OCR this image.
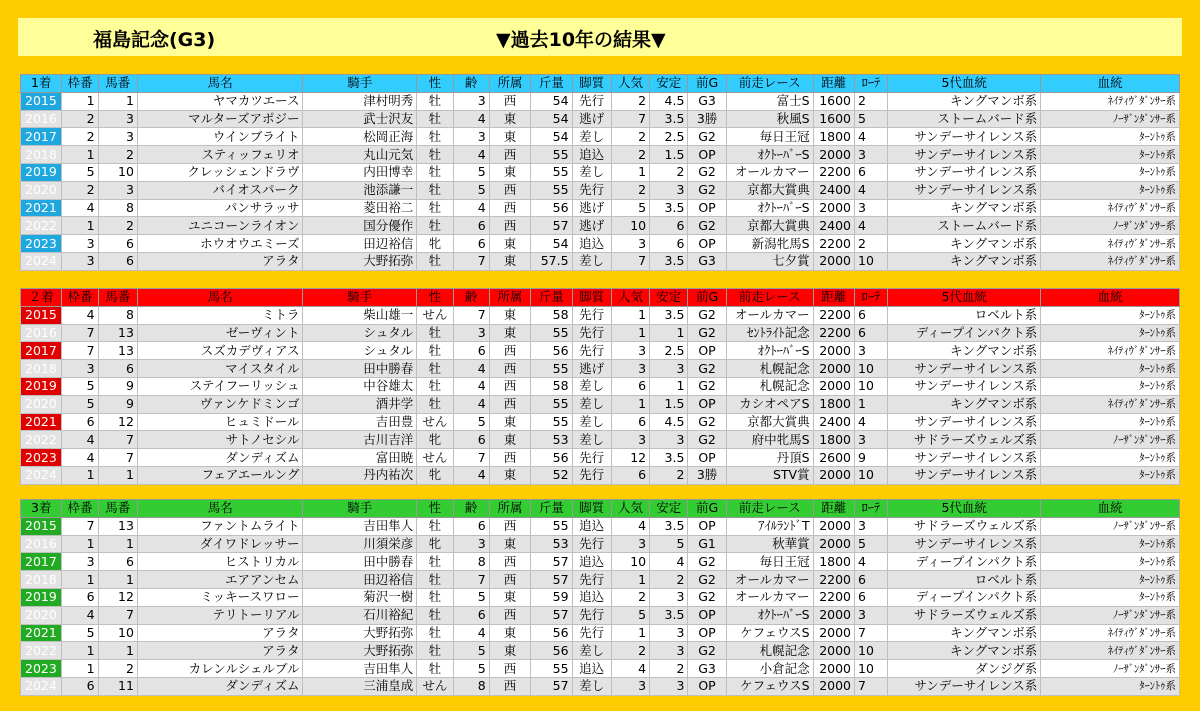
福島記念(G3)	▼過去10年の結果▼
1着	枠番	馬番	馬名	騎手	性	齢	所属	斤量	脚質	人気	安定	前G	前走レース	距離	ﾛｰﾃ	5代血統	血統
2015	1	1	ヤマカツエース	津村明秀	牡	3	西	54	先行	2	4.5	G3	富士S	1600	2	キングマンボ系	ﾈｲﾃｨｳﾞﾀﾞﾝｻｰ系
2016	2	3	マルターズアポジー	武士沢友	牡	4	東	54	逃げ	7	3.5	3勝	秋風S	1600	5	ストームバード系	ﾉｰｻﾞﾝﾀﾞﾝｻｰ系
2017	2	3	ウインブライト	松岡正海	牡	3	東	54	差し	2	2.5	G2	毎日王冠	1800	4	サンデーサイレンス系	ﾀｰﾝﾄｩ系
2018	1	2	スティッフェリオ	丸山元気	牡	4	西	55	追込	2	1.5	OP	ｵｸﾄｰﾊﾞｰS	2000	3	サンデーサイレンス系	ﾀｰﾝﾄｩ系
2019	5	10	クレッシェンドラヴ	内田博幸	牡	5	東	55	差し	1	2	G2	オールカマー	2200	6	サンデーサイレンス系	ﾀｰﾝﾄｩ系
2020	2	3	バイオスパーク	池添謙一	牡	5	西	55	先行	2	3	G2	京都大賞典	2400	4	サンデーサイレンス系	ﾀｰﾝﾄｩ系
2021	4	8	パンサラッサ	菱田裕二	牡	4	西	56	逃げ	5	3.5	OP	ｵｸﾄｰﾊﾞｰS	2000	3	キングマンボ系	ﾈｲﾃｨｳﾞﾀﾞﾝｻｰ系
2022	1	2	ユニコーンライオン	国分優作	牡	6	西	57	逃げ	10	6	G2	京都大賞典	2400	4	ストームバード系	ﾉｰｻﾞﾝﾀﾞﾝｻｰ系
2023	3	6	ホウオウエミーズ	田辺裕信	牝	6	東	54	追込	3	6	OP	新潟牝馬S	2200	2	キングマンボ系	ﾈｲﾃｨｳﾞﾀﾞﾝｻｰ系
2024	3	6	アラタ	大野拓弥	牡	7	東	57.5	差し	7	3.5	G3	七夕賞	2000	10	キングマンボ系	ﾈｲﾃｨｳﾞﾀﾞﾝｻｰ系
２着	枠番	馬番	馬名	騎手	性	齢	所属	斤量	脚質	人気	安定	前G	前走レース	距離	ﾛｰﾃ	5代血統	血統
2015	4	8	ミトラ	柴山雄一	せん	7	東	58	先行	1	3.5	G2	オールカマー	2200	6	ロベルト系	ﾀｰﾝﾄｩ系
2016	7	13	ゼーヴィント	シュタル	牡	3	東	55	先行	1	1	G2	ｾﾝﾄﾗｲﾄ記念	2200	6	ディープインパクト系	ﾀｰﾝﾄｩ系
2017	7	13	スズカデヴィアス	シュタル	牡	6	西	56	先行	3	2.5	OP	ｵｸﾄｰﾊﾞｰS	2000	3	キングマンボ系	ﾈｲﾃｨｳﾞﾀﾞﾝｻｰ系
2018	3	6	マイスタイル	田中勝春	牡	4	西	55	逃げ	3	3	G2	札幌記念	2000	10	サンデーサイレンス系	ﾀｰﾝﾄｩ系
2019	5	9	ステイフーリッシュ	中谷雄太	牡	4	西	58	差し	6	1	G2	札幌記念	2000	10	サンデーサイレンス系	ﾀｰﾝﾄｩ系
2020	5	9	ヴァンケドミンゴ	酒井学	牡	4	西	55	差し	1	1.5	OP	カシオペアS	1800	1	キングマンボ系	ﾈｲﾃｨｳﾞﾀﾞﾝｻｰ系
2021	6	12	ヒュミドール	吉田豊	せん	5	東	55	差し	6	4.5	G2	京都大賞典	2400	4	サンデーサイレンス系	ﾀｰﾝﾄｩ系
2022	4	7	サトノセシル	古川吉洋	牝	6	東	53	差し	3	3	G2	府中牝馬S	1800	3	サドラーズウェルズ系	ﾉｰｻﾞﾝﾀﾞﾝｻｰ系
2023	4	7	ダンディズム	富田暁	せん	7	西	56	先行	12	3.5	OP	丹頂S	2600	9	サンデーサイレンス系	ﾀｰﾝﾄｩ系
2024	1	1	フェアエールング	丹内祐次	牝	4	東	52	先行	6	2	3勝	STV賞	2000	10	サンデーサイレンス系	ﾀｰﾝﾄｩ系
3着	枠番	馬番	馬名	騎手	性	齢	所属	斤量	脚質	人気	安定	前G	前走レース	距離	ﾛｰﾃ	5代血統	血統
2015	7	13	ファントムライト	吉田隼人	牡	6	西	55	追込	4	3.5	OP	ｱｲﾙﾗﾝﾄﾞT	2000	3	サドラーズウェルズ系	ﾉｰｻﾞﾝﾀﾞﾝｻｰ系
2016	1	1	ダイワドレッサー	川須栄彦	牝	3	東	53	先行	3	5	G1	秋華賞	2000	5	サンデーサイレンス系	ﾀｰﾝﾄｩ系
2017	3	6	ヒストリカル	田中勝春	牡	8	西	57	追込	10	4	G2	毎日王冠	1800	4	ディープインパクト系	ﾀｰﾝﾄｩ系
2018	1	1	エアアンセム	田辺裕信	牡	7	西	57	先行	1	2	G2	オールカマー	2200	6	ロベルト系	ﾀｰﾝﾄｩ系
2019	6	12	ミッキースワロー	菊沢一樹	牡	5	東	59	追込	2	3	G2	オールカマー	2200	6	ディープインパクト系	ﾀｰﾝﾄｩ系
2020	4	7	テリトーリアル	石川裕紀	牡	6	西	57	先行	5	3.5	OP	ｵｸﾄｰﾊﾞｰS	2000	3	サドラーズウェルズ系	ﾉｰｻﾞﾝﾀﾞﾝｻｰ系
2021	5	10	アラタ	大野拓弥	牡	4	東	56	先行	1	3	OP	ケフェウスS	2000	7	キングマンボ系	ﾈｲﾃｨｳﾞﾀﾞﾝｻｰ系
2022	1	1	アラタ	大野拓弥	牡	5	東	56	差し	2	3	G2	札幌記念	2000	10	キングマンボ系	ﾈｲﾃｨｳﾞﾀﾞﾝｻｰ系
2023	1	2	カレンルシェルブル	吉田隼人	牡	5	西	55	追込	4	2	G3	小倉記念	2000	10	ダンジグ系	ﾉｰｻﾞﾝﾀﾞﾝｻｰ系
2024	6	11	ダンディズム	三浦皇成	せん	8	西	57	差し	3	3	OP	ケフェウスS	2000	7	サンデーサイレンス系	ﾀｰﾝﾄｩ系
